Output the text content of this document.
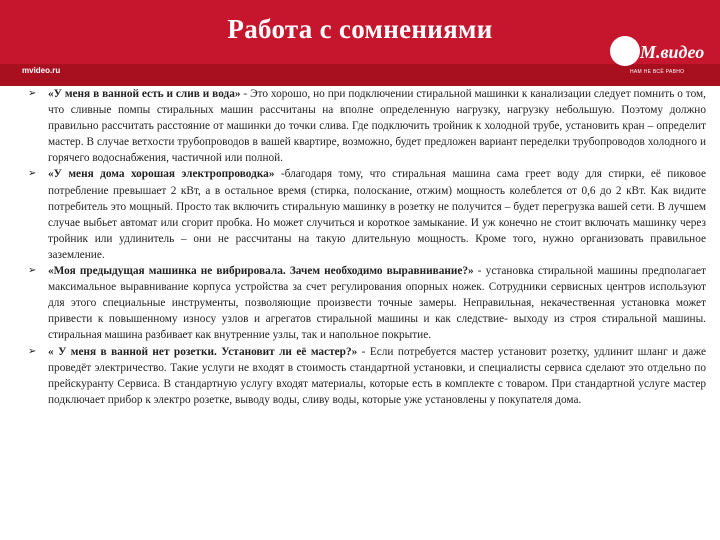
Работа с сомнениями
mvideo.ru
М.видео
НАМ НЕ ВСЁ РАВНО
➢ «У меня в ванной есть и слив и вода» - Это хорошо, но при подключении стиральной машинки к канализации следует помнить о том, что сливные помпы стиральных машин рассчитаны на вполне определенную нагрузку, нагрузку небольшую. Поэтому должно правильно рассчитать расстояние от машинки до точки слива. Где подключить тройник к холодной трубе, установить кран – определит мастер. В случае ветхости трубопроводов в вашей квартире, возможно, будет предложен вариант переделки трубопроводов холодного и горячего водоснабжения, частичной или полной.
➢ «У меня дома хорошая электропроводка» -благодаря тому, что стиральная машина сама греет воду для стирки, её пиковое потребление превышает 2 кВт, а в остальное время (стирка, полоскание, отжим) мощность колеблется от 0,6 до 2 кВт. Как видите потребитель это мощный. Просто так включить стиральную машинку в розетку не получится – будет перегрузка вашей сети. В лучшем случае выбьет автомат или сгорит пробка. Но может случиться и короткое замыкание. И уж конечно не стоит включать машинку через тройник или удлинитель – они не рассчитаны на такую длительную мощность. Кроме того, нужно организовать правильное заземление.
➢ «Моя предыдущая машинка не вибрировала. Зачем необходимо выравнивание?» - установка стиральной машины предполагает максимальное выравнивание корпуса устройства за счет регулирования опорных ножек. Сотрудники сервисных центров используют для этого специальные инструменты, позволяющие произвести точные замеры. Неправильная, некачественная установка может привести к повышенному износу узлов и агрегатов стиральной машины и как следствие- выходу из строя стиральной машины. стиральная машина разбивает как внутренние узлы, так и напольное покрытие.
➢ « У меня в ванной нет розетки. Установит ли её мастер?» - Если потребуется мастер установит розетку, удлинит шланг и даже проведёт электричество. Такие услуги не входят в стоимость стандартной установки, и специалисты сервиса сделают это отдельно по прейскуранту Сервиса. В стандартную услугу входят материалы, которые есть в комплекте с товаром. При стандартной услуге мастер подключает прибор к электро розетке, выводу воды, сливу воды, которые уже установлены у покупателя дома.
